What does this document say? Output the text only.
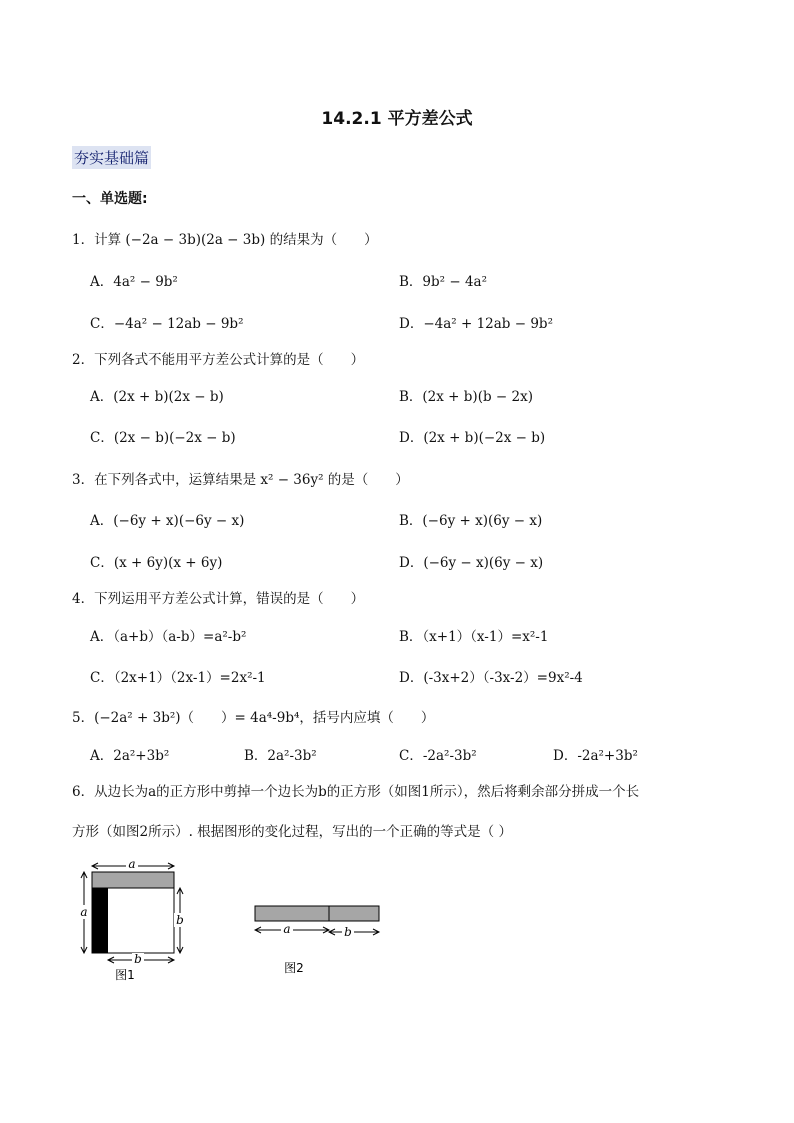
14.2.1 平方差公式
夯实基础篇
一、单选题:
1．计算 (−2a − 3b)(2a − 3b) 的结果为（　　）
A．4a² − 9b²	B．9b² − 4a²
C．−4a² − 12ab − 9b²	D．−4a² + 12ab − 9b²
2．下列各式不能用平方差公式计算的是（　　）
A．(2x + b)(2x − b)	B．(2x + b)(b − 2x)
C．(2x − b)(−2x − b)	D．(2x + b)(−2x − b)
3．在下列各式中，运算结果是 x² − 36y² 的是（　　）
A．(−6y + x)(−6y − x)	B．(−6y + x)(6y − x)
C．(x + 6y)(x + 6y)	D．(−6y − x)(6y − x)
4．下列运用平方差公式计算，错误的是（　　）
A．（a+b）（a-b）=a²-b²	B．（x+1）（x-1）=x²-1
C．（2x+1）（2x-1）=2x²-1	D．(-3x+2）（-3x-2）=9x²-4
5．(−2a² + 3b²)（　　）= 4a⁴-9b⁴，括号内应填（　　）
A．2a²+3b²	B．2a²-3b²	C．-2a²-3b²	D．-2a²+3b²
6．从边长为a的正方形中剪掉一个边长为b的正方形（如图1所示），然后将剩余部分拼成一个长
方形（如图2所示）. 根据图形的变化过程，写出的一个正确的等式是（ ）
a
a
b
b
图1
a	b
图2
